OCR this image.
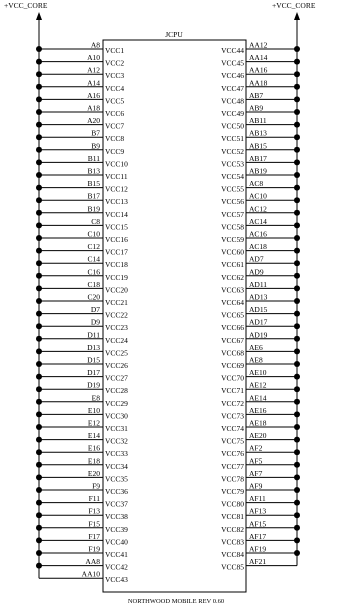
+VCC_CORE	+VCC_CORE
JCPU
NORTHWOOD MOBILE REV 0.60
A8
VCC1
A10
VCC2
A12
VCC3
A14
VCC4
A16
VCC5
A18
VCC6
A20
VCC7
B7
VCC8
B9
VCC9
B11
VCC10
B13
VCC11
B15
VCC12
B17
VCC13
B19
VCC14
C8
VCC15
C10
VCC16
C12
VCC17
C14
VCC18
C16
VCC19
C18
VCC20
C20
VCC21
D7
VCC22
D9
VCC23
D11
VCC24
D13
VCC25
D15
VCC26
D17
VCC27
D19
VCC28
E8
VCC29
E10
VCC30
E12
VCC31
E14
VCC32
E16
VCC33
E18
VCC34
E20
VCC35
F9
VCC36
F11
VCC37
F13
VCC38
F15
VCC39
F17
VCC40
F19
VCC41
AA8
VCC42
AA10
VCC43
AA12
VCC44
AA14
VCC45
AA16
VCC46
AA18
VCC47
AB7
VCC48
AB9
VCC49
AB11
VCC50
AB13
VCC51
AB15
VCC52
AB17
VCC53
AB19
VCC54
AC8
VCC55
AC10
VCC56
AC12
VCC57
AC14
VCC58
AC16
VCC59
AC18
VCC60
AD7
VCC61
AD9
VCC62
AD11
VCC63
AD13
VCC64
AD15
VCC65
AD17
VCC66
AD19
VCC67
AE6
VCC68
AE8
VCC69
AE10
VCC70
AE12
VCC71
AE14
VCC72
AE16
VCC73
AE18
VCC74
AE20
VCC75
AF2
VCC76
AF5
VCC77
AF7
VCC78
AF9
VCC79
AF11
VCC80
AF13
VCC81
AF15
VCC82
AF17
VCC83
AF19
VCC84
AF21
VCC85
